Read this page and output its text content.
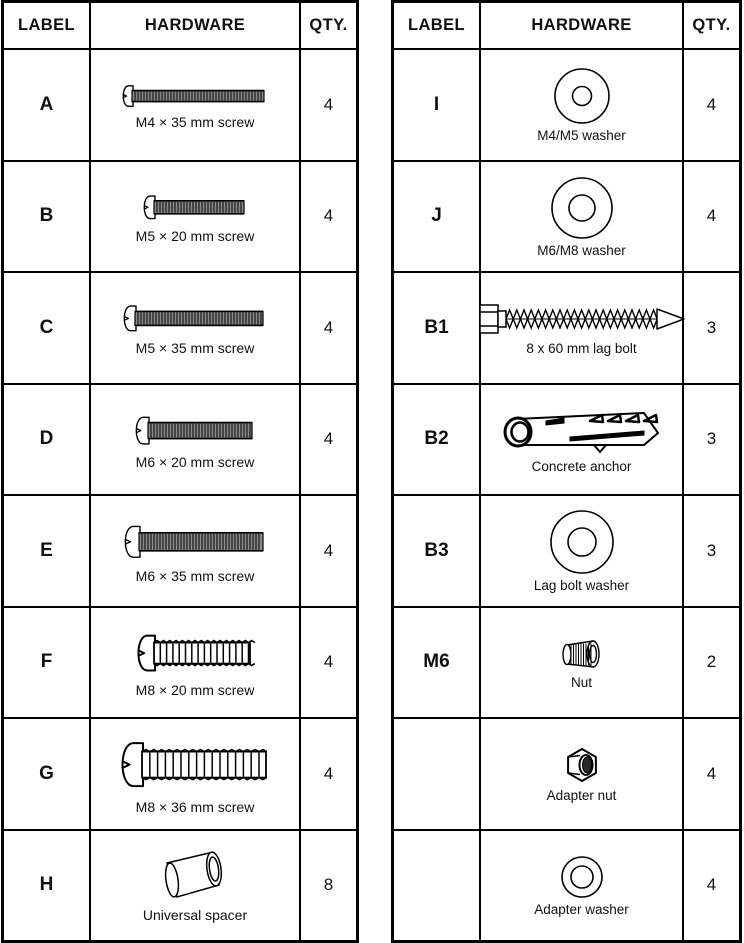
LABEL	HARDWARE	QTY.
A	M4 × 35 mm screw	4
B	M5 × 20 mm screw	4
C	M5 × 35 mm screw	4
D	M6 × 20 mm screw	4
E	M6 × 35 mm screw	4
F	M8 × 20 mm screw	4
G	M8 × 36 mm screw	4
H	Universal spacer	8
LABEL	HARDWARE	QTY.
I	M4/M5 washer	4
J	M6/M8 washer	4
B1	8 x 60 mm lag bolt	3
B2	Concrete anchor	3
B3	Lag bolt washer	3
M6	Nut	2

	Adapter nut	4

	Adapter washer	4
